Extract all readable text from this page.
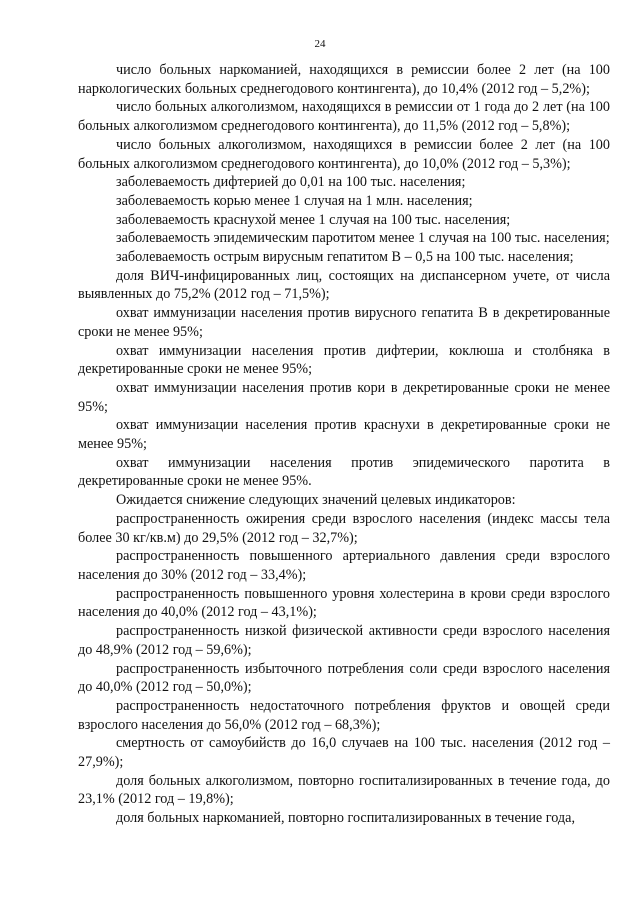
24

число больных наркоманией, находящихся в ремиссии более 2 лет (на 100 наркологических больных среднегодового контингента), до 10,4% (2012 год – 5,2%);

число больных алкоголизмом, находящихся в ремиссии от 1 года до 2 лет (на 100 больных алкоголизмом среднегодового контингента), до 11,5% (2012 год – 5,8%);

число больных алкоголизмом, находящихся в ремиссии более 2 лет (на 100 больных алкоголизмом среднегодового контингента), до 10,0% (2012 год – 5,3%);

заболеваемость дифтерией до 0,01 на 100 тыс. населения;

заболеваемость корью менее 1 случая на 1 млн. населения;

заболеваемость краснухой менее 1 случая на 100 тыс. населения;

заболеваемость эпидемическим паротитом менее 1 случая на 100 тыс. населения;

заболеваемость острым вирусным гепатитом В – 0,5 на 100 тыс. населения;

доля ВИЧ-инфицированных лиц, состоящих на диспансерном учете, от числа выявленных до 75,2% (2012 год – 71,5%);

охват иммунизации населения против вирусного гепатита В в декретированные сроки не менее 95%;

охват иммунизации населения против дифтерии, коклюша и столбняка в декретированные сроки не менее 95%;

охват иммунизации населения против кори в декретированные сроки не менее 95%;

охват иммунизации населения против краснухи в декретированные сроки не менее 95%;

охват иммунизации населения против эпидемического паротита в декретированные сроки не менее 95%.

Ожидается снижение следующих значений целевых индикаторов:

распространенность ожирения среди взрослого населения (индекс массы тела более 30 кг/кв.м) до 29,5% (2012 год – 32,7%);

распространенность повышенного артериального давления среди взрослого населения до 30% (2012 год – 33,4%);

распространенность повышенного уровня холестерина в крови среди взрослого населения до 40,0% (2012 год – 43,1%);

распространенность низкой физической активности среди взрослого населения до 48,9% (2012 год – 59,6%);

распространенность избыточного потребления соли среди взрослого населения до 40,0% (2012 год – 50,0%);

распространенность недостаточного потребления фруктов и овощей среди взрослого населения до 56,0% (2012 год – 68,3%);

смертность от самоубийств до 16,0 случаев на 100 тыс. населения (2012 год – 27,9%);

доля больных алкоголизмом, повторно госпитализированных в течение года, до 23,1% (2012 год – 19,8%);

доля больных наркоманией, повторно госпитализированных в течение года,
